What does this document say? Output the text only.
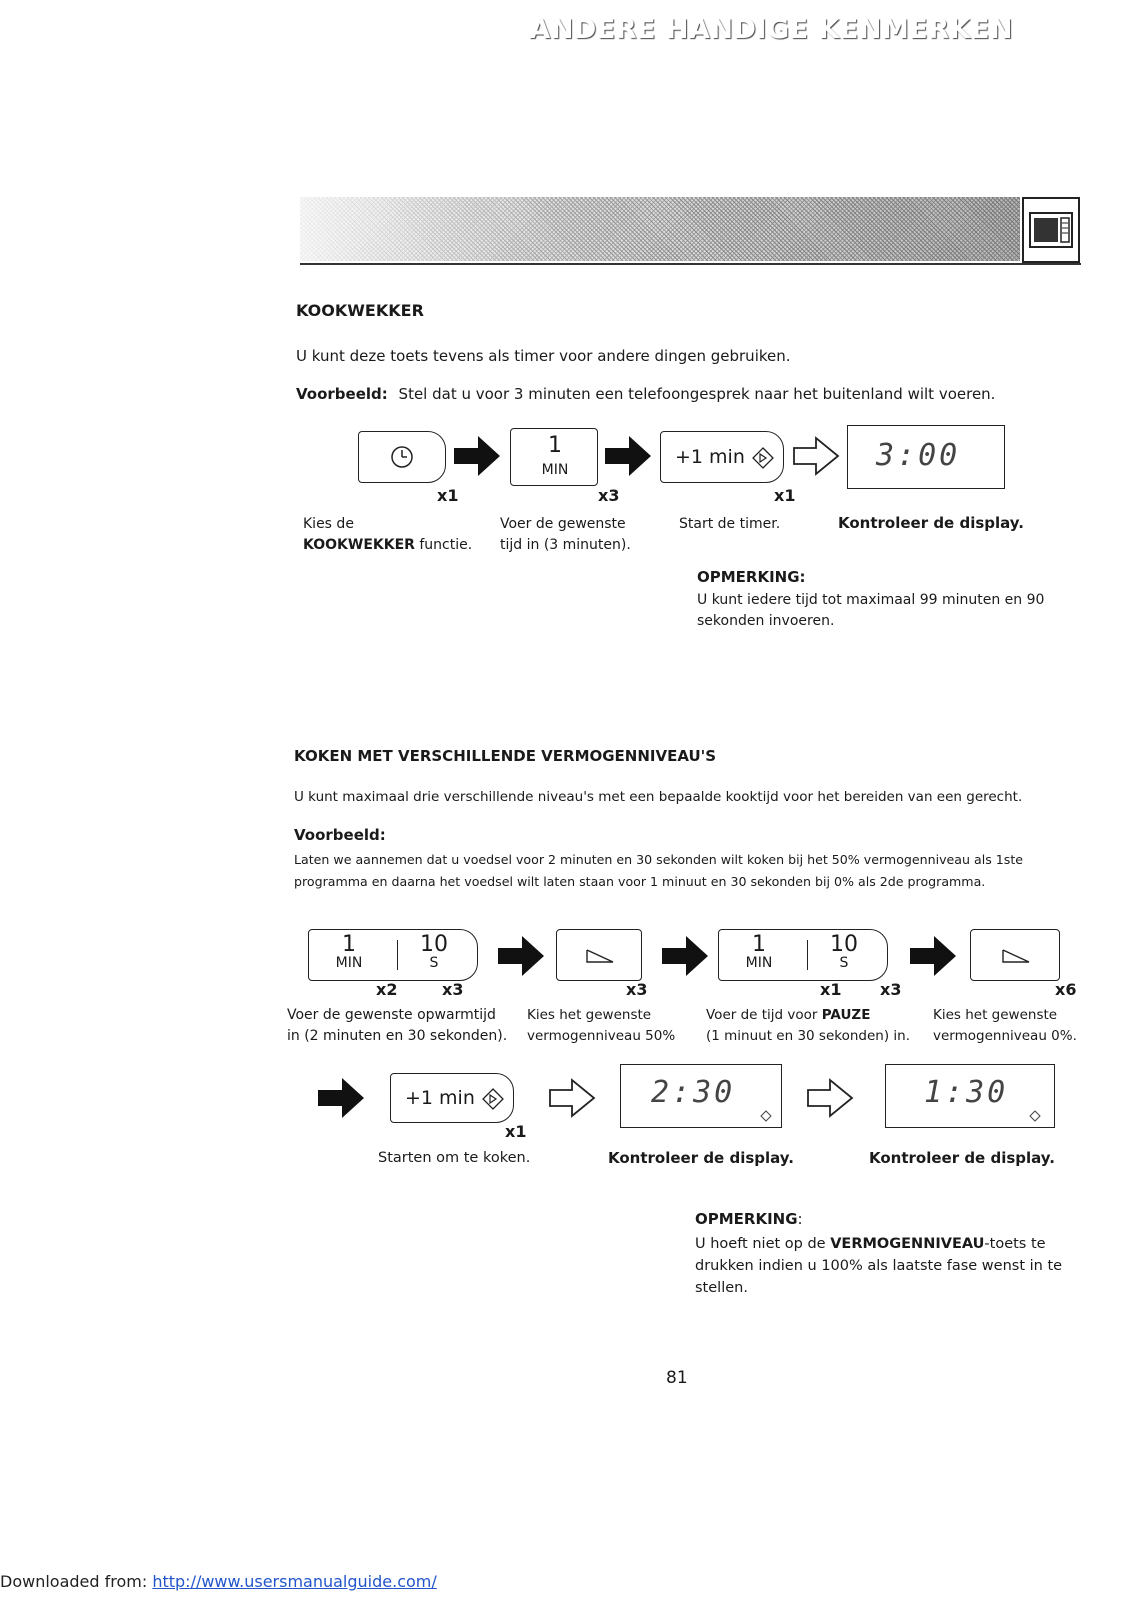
ANDERE HANDIGE KENMERKEN
KOOKWEKKER
U kunt deze toets tevens als timer voor andere dingen gebruiken.
Voorbeeld: Stel dat u voor 3 minuten een telefoongesprek naar het buitenland wilt voeren.
1
MIN
+1 min	3:00
x1	x3	x1
Kies de
KOOKWEKKER functie.
Voer de gewenste
tijd in (3 minuten).
Start de timer.	Kontroleer de display.
OPMERKING:
U kunt iedere tijd tot maximaal 99 minuten en 90
sekonden invoeren.
KOKEN MET VERSCHILLENDE VERMOGENNIVEAU'S
U kunt maximaal drie verschillende niveau's met een bepaalde kooktijd voor het bereiden van een gerecht.
Voorbeeld:
Laten we aannemen dat u voedsel voor 2 minuten en 30 sekonden wilt koken bij het 50% vermogenniveau als 1ste
programma en daarna het voedsel wilt laten staan voor 1 minuut en 30 sekonden bij 0% als 2de programma.
1
MIN
10
S
1
MIN
10
S
x2	x3	x3	x1 x3	x6
Voer de gewenste opwarmtijd
in (2 minuten en 30 sekonden).
Kies het gewenste
vermogenniveau 50%
Voer de tijd voor PAUZE
(1 minuut en 30 sekonden) in.
Kies het gewenste
vermogenniveau 0%.
+1 min
x1
2:30	1:30
Starten om te koken.	Kontroleer de display.	Kontroleer de display.
OPMERKING:
U hoeft niet op de VERMOGENNIVEAU-toets te
drukken indien u 100% als laatste fase wenst in te
stellen.
81
Downloaded from: http://www.usersmanualguide.com/
